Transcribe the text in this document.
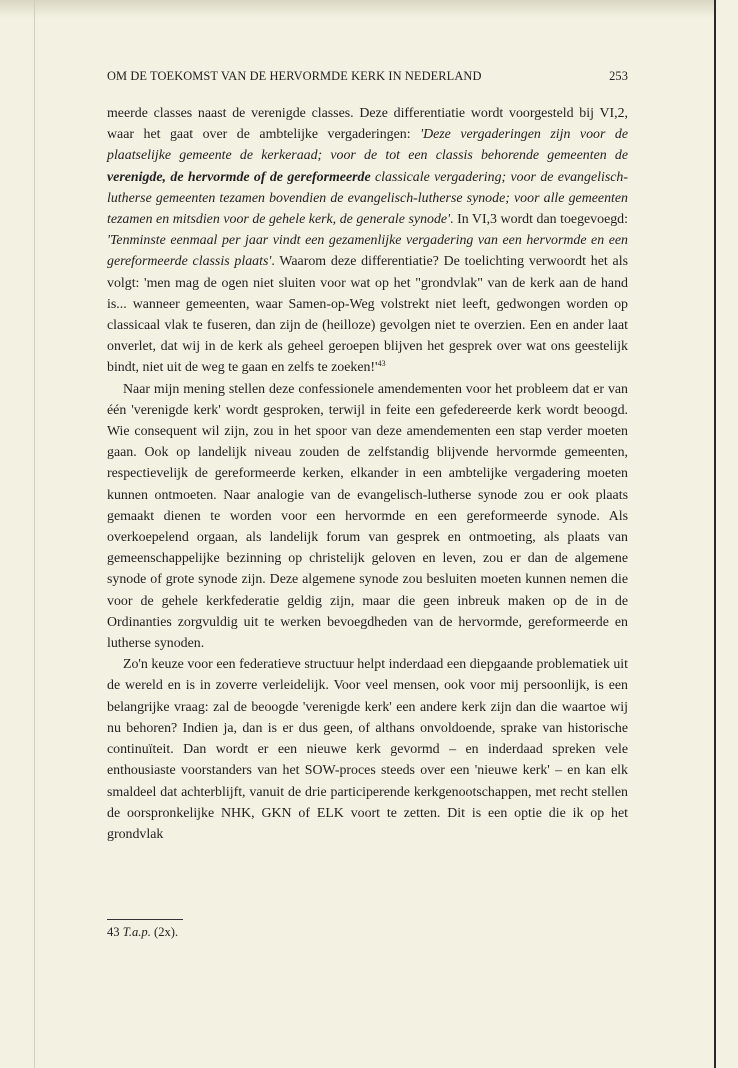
OM DE TOEKOMST VAN DE HERVORMDE KERK IN NEDERLAND	253

meerde classes naast de verenigde classes. Deze differentiatie wordt voorgesteld bij VI,2, waar het gaat over de ambtelijke vergaderingen: 'Deze vergaderingen zijn voor de plaatselijke gemeente de kerkeraad; voor de tot een classis behorende gemeenten de verenigde, de hervormde of de gereformeerde classicale vergadering; voor de evangelisch-lutherse gemeenten tezamen bovendien de evangelisch-lutherse synode; voor alle gemeenten tezamen en mitsdien voor de gehele kerk, de generale synode'. In VI,3 wordt dan toegevoegd: 'Tenminste eenmaal per jaar vindt een gezamenlijke vergadering van een hervormde en een gereformeerde classis plaats'. Waarom deze differentiatie? De toelichting verwoordt het als volgt: 'men mag de ogen niet sluiten voor wat op het "grondvlak" van de kerk aan de hand is... wanneer gemeenten, waar Samen-op-Weg volstrekt niet leeft, gedwongen worden op classicaal vlak te fuseren, dan zijn de (heilloze) gevolgen niet te overzien. Een en ander laat onverlet, dat wij in de kerk als geheel geroepen blijven het gesprek over wat ons geestelijk bindt, niet uit de weg te gaan en zelfs te $zoeken!'^{43}$

Naar mijn mening stellen deze confessionele amendementen voor het probleem dat er van één 'verenigde kerk' wordt gesproken, terwijl in feite een gefedereerde kerk wordt beoogd. Wie consequent wil zijn, zou in het spoor van deze amendementen een stap verder moeten gaan. Ook op landelijk niveau zouden de zelfstandig blijvende hervormde gemeenten, respectievelijk de gereformeerde kerken, elkander in een ambtelijke vergadering moeten kunnen ontmoeten. Naar analogie van de evangelisch-lutherse synode zou er ook plaats gemaakt dienen te worden voor een hervormde en een gereformeerde synode. Als overkoepelend orgaan, als landelijk forum van gesprek en ontmoeting, als plaats van gemeenschappelijke bezinning op christelijk geloven en leven, zou er dan de algemene synode of grote synode zijn. Deze algemene synode zou besluiten moeten kunnen nemen die voor de gehele kerkfederatie geldig zijn, maar die geen inbreuk maken op de in de Ordinanties zorgvuldig uit te werken bevoegdheden van de hervormde, gereformeerde en lutherse synoden.

Zo'n keuze voor een federatieve structuur helpt inderdaad een diepgaande problematiek uit de wereld en is in zoverre verleidelijk. Voor veel mensen, ook voor mij persoonlijk, is een belangrijke vraag: zal de beoogde 'verenigde kerk' een andere kerk zijn dan die waartoe wij nu behoren? Indien ja, dan is er dus geen, of althans onvoldoende, sprake van historische continuïteit. Dan wordt er een nieuwe kerk gevormd – en inderdaad spreken vele enthousiaste voorstanders van het SOW-proces steeds over een 'nieuwe kerk' – en kan elk smaldeel dat achterblijft, vanuit de drie participerende kerkgenootschappen, met recht stellen de oorspronkelijke NHK, GKN of ELK voort te zetten. Dit is een optie die ik op het grondvlak

43 T.a.p. (2x).
